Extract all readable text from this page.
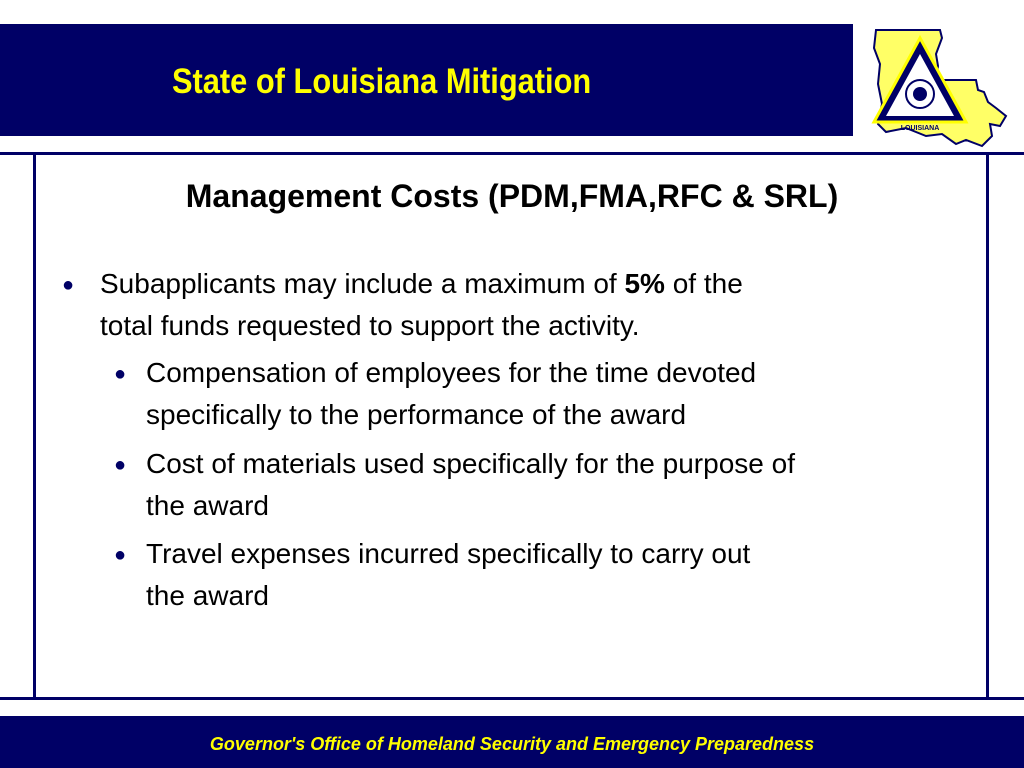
State of Louisiana Mitigation
LOUISIANA
Management Costs (PDM,FMA,RFC & SRL)
● Subapplicants may include a maximum of 5% of the
total funds requested to support the activity.
● Compensation of employees for the time devoted
specifically to the performance of the award
● Cost of materials used specifically for the purpose of
the award
● Travel expenses incurred specifically to carry out
the award
Governor's Office of Homeland Security and Emergency Preparedness
